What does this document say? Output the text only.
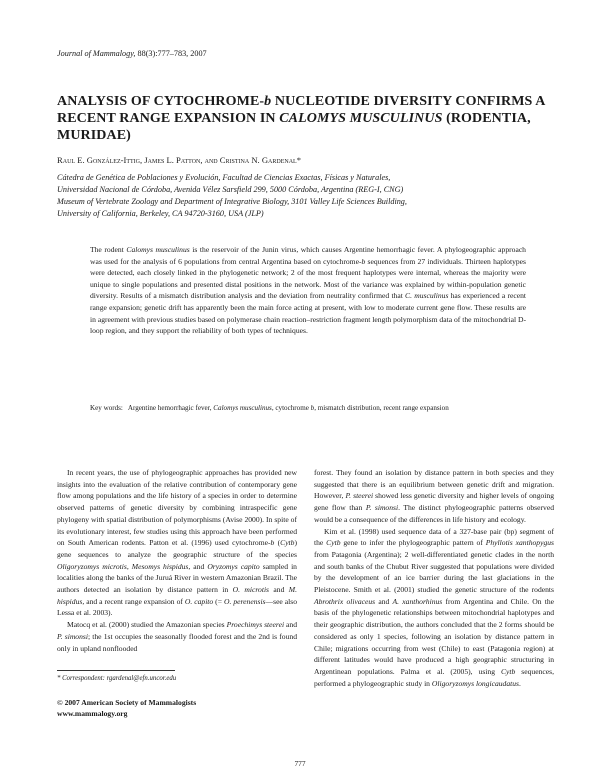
Journal of Mammalogy, 88(3):777–783, 2007
ANALYSIS OF CYTOCHROME-b NUCLEOTIDE DIVERSITY CONFIRMS A RECENT RANGE EXPANSION IN CALOMYS MUSCULINUS (RODENTIA, MURIDAE)
Raul E. González-Ittig, James L. Patton, and Cristina N. Gardenal*
Cátedra de Genética de Poblaciones y Evolución, Facultad de Ciencias Exactas, Físicas y Naturales,
Universidad Nacional de Córdoba, Avenida Vélez Sarsfield 299, 5000 Córdoba, Argentina (REG-I, CNG)
Museum of Vertebrate Zoology and Department of Integrative Biology, 3101 Valley Life Sciences Building,
University of California, Berkeley, CA 94720-3160, USA (JLP)
The rodent Calomys musculinus is the reservoir of the Junin virus, which causes Argentine hemorrhagic fever. A phylogeographic approach was used for the analysis of 6 populations from central Argentina based on cytochrome-b sequences from 27 individuals. Thirteen haplotypes were detected, each closely linked in the phylogenetic network; 2 of the most frequent haplotypes were internal, whereas the majority were unique to single populations and presented distal positions in the network. Most of the variance was explained by within-population genetic diversity. Results of a mismatch distribution analysis and the deviation from neutrality confirmed that C. musculinus has experienced a recent range expansion; genetic drift has apparently been the main force acting at present, with low to moderate current gene flow. These results are in agreement with previous studies based on polymerase chain reaction–restriction fragment length polymorphism data of the mitochondrial D-loop region, and they support the reliability of both types of techniques.
Key words:   Argentine hemorrhagic fever, Calomys musculinus, cytochrome b, mismatch distribution, recent range expansion

In recent years, the use of phylogeographic approaches has provided new insights into the evaluation of the relative contribution of contemporary gene flow among populations and the life history of a species in order to determine observed patterns of genetic diversity by combining intraspecific gene phylogeny with spatial distribution of polymorphisms (Avise 2000). In spite of its evolutionary interest, few studies using this approach have been performed on South American rodents. Patton et al. (1996) used cytochrome-b (Cytb) gene sequences to analyze the geographic structure of the species Oligoryzomys microtis, Mesomys hispidus, and Oryzomys capito sampled in localities along the banks of the Juruá River in western Amazonian Brazil. The authors detected an isolation by distance pattern in O. microtis and M. hispidus, and a recent range expansion of O. capito (= O. perenensis—see also Lessa et al. 2003).

Matocq et al. (2000) studied the Amazonian species Proechimys steerei and P. simonsi; the 1st occupies the seasonally flooded forest and the 2nd is found only in upland nonflooded

forest. They found an isolation by distance pattern in both species and they suggested that there is an equilibrium between genetic drift and migration. However, P. steerei showed less genetic diversity and higher levels of ongoing gene flow than P. simonsi. The distinct phylogeographic patterns observed would be a consequence of the differences in life history and ecology.

Kim et al. (1998) used sequence data of a 327-base pair (bp) segment of the Cytb gene to infer the phylogeographic pattern of Phyllotis xanthopygus from Patagonia (Argentina); 2 well-differentiated genetic clades in the north and south banks of the Chubut River suggested that populations were divided by the development of an ice barrier during the last glaciations in the Pleistocene. Smith et al. (2001) studied the genetic structure of the rodents Abrothrix olivaceus and A. xanthorhinus from Argentina and Chile. On the basis of the phylogenetic relationships between mitochondrial haplotypes and their geographic distribution, the authors concluded that the 2 forms should be considered as only 1 species, following an isolation by distance pattern in Chile; migrations occurring from west (Chile) to east (Patagonia region) at different latitudes would have produced a high geographic structuring in Argentinean populations. Palma et al. (2005), using Cytb sequences, performed a phylogeographic study in Oligoryzomys longicaudatus.

* Correspondent: rgardenal@efn.uncor.edu
© 2007 American Society of Mammalogists
www.mammalogy.org
777
